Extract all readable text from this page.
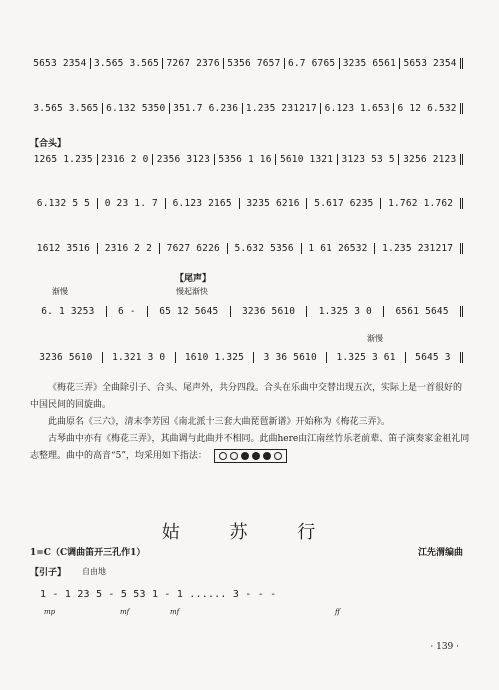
5653 2354 3.565 3.565 7267 2376 5356 7657 6.7 6765 3235 6561 5653 2354
3.565 3.565 6.132 5350 351.7 6.236 1.235 231217 6.123 1.653 6 12 6.532
【合头】
1265 1.235 2316 2 0 2356 3123 5356 1 16 5610 1321 3123 53 5 3256 2123
6.132 5 5	0 23 1. 7	6.123 2165	3235 6216	5.617 6235	1.762 1.762
1612 3516	2316 2 2	7627 6226	5.632 5356	1 61 26532	1.235 231217
【尾声】
渐慢	慢起渐快
6. 1 3253	6 -	65 12 5645	3236 5610	1.325 3 0	6561 5645
渐慢
3236 5610	1.321 3 0	1610 1.325	3 36 5610	1.325 3 61	5645 3

《梅花三弄》全曲除引子、合头、尾声外，共分四段。合头在乐曲中交替出现五次，实际上是一首很好的中国民间的回旋曲。

此曲原名《三六》，清末李芳园《南北派十三套大曲琵琶新谱》开始称为《梅花三弄》。

古琴曲中亦有《梅花三弄》，其曲调与此曲并不相同。此曲here由江南丝竹乐老前辈、笛子演奏家金祖礼同志整理。曲中的高音“5”，均采用如下指法：

姑 苏 行
1=C（C调曲笛开三孔作1）	江先渭编曲
【引子】 自由地
1 - 1 23 5 - 5 53 1 - 1 ...... 3 - - -
mp	mf	mf	ff
· 139 ·
